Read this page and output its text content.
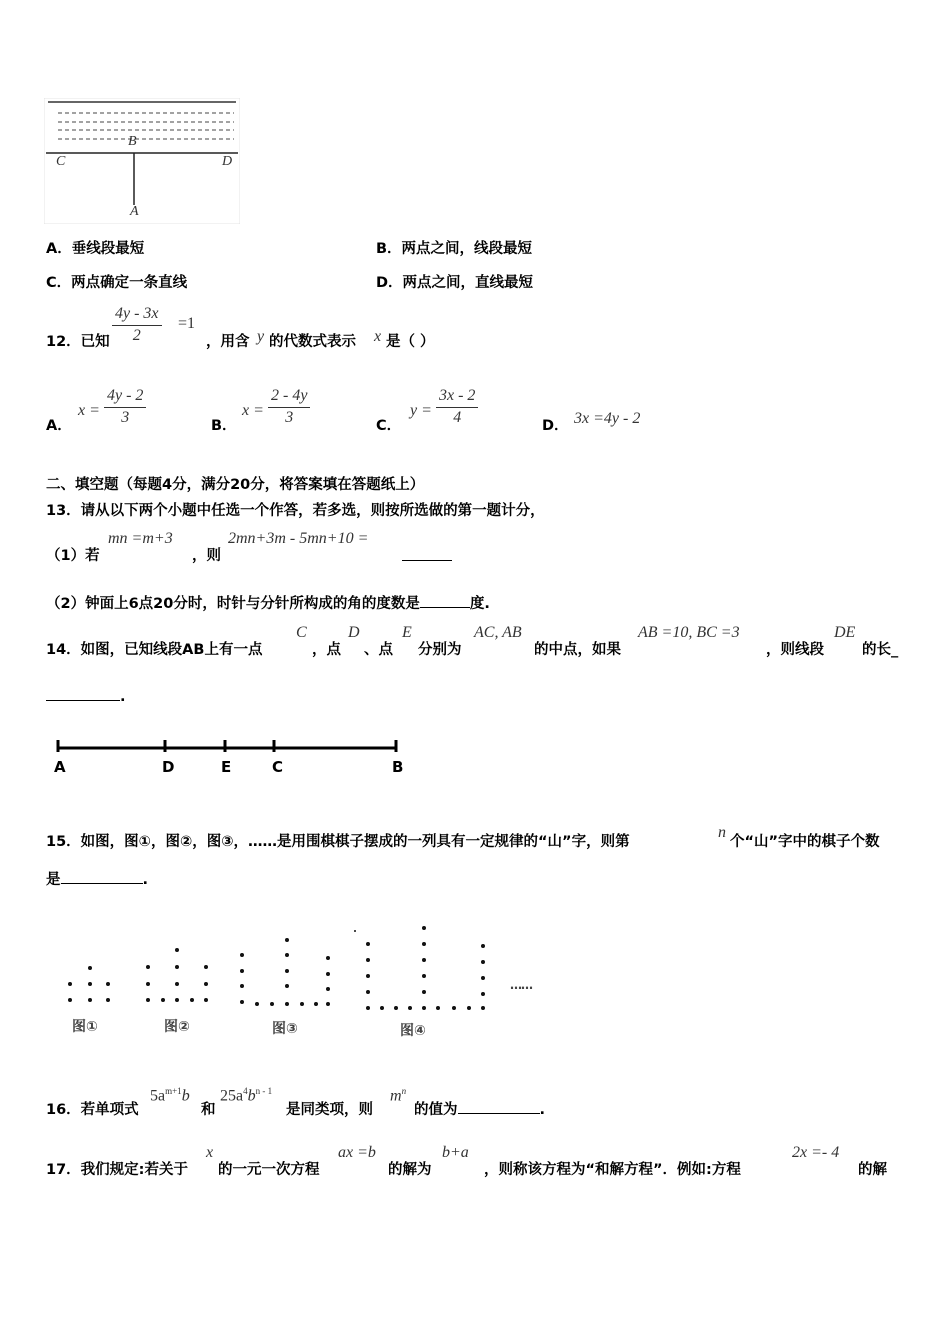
B
C	D
A
A．垂线段最短	B．两点之间，线段最短
C．两点确定一条直线	D．两点之间，直线最短
12．已知 $\frac{4y - 3x}{2} =1$
，用含 y 的代数式表示 x 是（ ）
A．
$x = \frac{4y - 2}{3}$	B．
$x = \frac{2 - 4y}{3}$	C．
$y = \frac{3x - 2}{4}$	D． 3x =4y - 2
二、填空题（每题4分，满分20分，将答案填在答题纸上）
13．请从以下两个小题中任选一个作答，若多选，则按所选做的第一题计分，
（1）若
mn =m+3
，则
2mn+3m - 5mn+10 =
（2）钟面上6点20分时，时针与分针所构成的角的度数是	度.
14．如图，已知线段AB上有一点
C
，点
D
、点
E
分别为
AC, AB
的中点，如果
AB =10, BC =3
，则线段
DE
的长_
.
A	D	E	C	B
15．如图，图①，图②，图③，……是用围棋棋子摆成的一列具有一定规律的“山”字，则第
n
个“山”字中的棋子个数
是	.
……
图①	图②	图③	图④
16．若单项式
$5a^{m+1}b$
和
$25a^4b^{n - 1}$
是同类项，则
$m^n$
的值为	.
17．我们规定:若关于
x
的一元一次方程
ax =b
的解为
b+a
，则称该方程为“和解方程”．例如:方程
2x =- 4
的解
